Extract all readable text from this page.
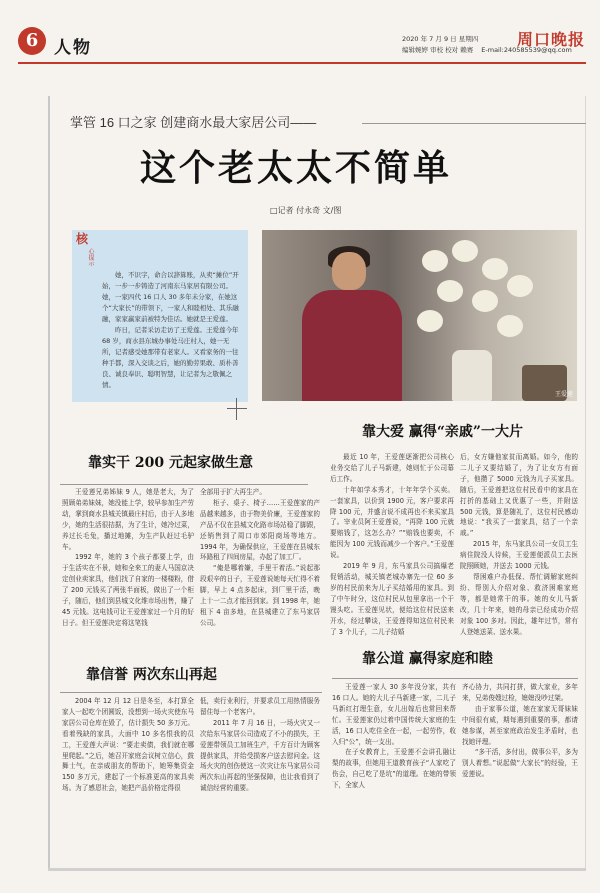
6 人物	2020 年 7 月 9 日 星期四
编辑婉婷 审校 校对 赖赛 E-mail:240585539@qq.com
周口晚报
掌管 16 口之家 创建商水最大家居公司——
这个老太太不简单
□记者 付永奇 文/图
核
心提示

她，不识字，命合以辞算账，从卖“摊位”开始，一步一步铸造了河南东马家居有限公司。她，一家四代 16 口人 30 多年未分家，在她这个“大家长”的带领下，一家人和睦相处、其乐融融，家家赢家前被特为佳话。她就是王爱莲。

昨日，记者采访走访了王爱莲。王爱莲今年 68 岁，商水县东城办事处马庄村人，她一无所，记者感受她那带有老家人。又看家务的一往种手都，深入交谈之后，她的勤劳果敢、质朴善良、诚良奉识、聪明智慧，让记者为之敬佩之情。

王爱莲
靠实干 200 元起家做生意

王爱莲兄弟姊妹 9 人，她是老大，为了照顾弟弟妹妹，她没能上学，较早参加生产劳动，掌到商水县城关镇最庄村后，由于人多地少，她的生活很拮据，为了生计，她冷过菜，养过长毛兔，播过地摊，为生产队赶过毛驴车。

1992 年，她的 3 个孩子都要上学，由于生活实在不景，她和全来工的妻人马国京决定创业卖家具，他们找了自家的一楼楼粉，借了 200 元钱买了两张半面板，做出了一个柜子，随后，他们到县城文化维市场出售，赚了 45 元钱。这电钱可让王爱莲家过一个月的好日子。但王爱莲决定将这笔钱

全部用于扩大再生产。

柜子、桌子、椅子……王爱莲家的产品越来越多，由于物美价廉，王爱莲家的产品不仅在县城文化路市场站稳了脚跟，还销售到了周口市郊阳商场等地方。1994 年，为确保供应，王爱莲在县城东环路租了四间房屋，办起了加工厂。

“俺是哪着嫌，手里干着活。”说起那段艰辛的日子，王爱莲说她每天忙得不着脚，早上 4 点多起床，到厂里干活，晚上十一二点才能回到家。到 1998 年，她租下 4 亩多地，在县城建立了东马家居公司。

靠大爱 赢得“亲戚”一大片

最近 10 年，王爱莲逐渐把公司核心业务交给了儿子马新建，她则忙于公司幕后工作。

十年如学本秀才，十年年学个买卖。一套家具，以价到 1900 元，客户要求再降 100 元，并盛言说不成再也不来买家具了。宰业员阿王爱莲说，“再降 100 元就要赔钱了，这怎么办？”“赔钱也要卖，不能因为 100 元钱而减少一个客户。”王爱莲说。

2019 年 9 月，东马家具公司搞爆老促销活动，城关镇老城办寨先一位 60 多岁的村民前来为儿子买结婚用的家具。到了中午时分，这位村民从包里拿出一个干馒头吃。王爱莲见状，便给这位村民送来开水，经过攀谈，王爱莲得知这位村民来了 3 个儿子，二儿子结婚

后，女方嫌他家贫而离婚。如今，他的二儿子又要结婚了，为了让女方有面子，他攒了 5000 元钱为儿子买家具。随后，王爱莲把这位村民看中的家具在打折的基础上又优惠了一些，并附送 500 元钱，算是随礼了，这位村民感动地说：“我买了一套家具，结了一个亲戚。”

2015 年，东马家具公司一女员工生病住院没人待候，王爱莲便派员工去医院照顾她，并送去 1000 元钱。

帮困难户办低保、帮忙调解家庭纠纷、帮别人介绍对象、救济困难家庭等，都是她常干的事。她的女儿马新改，几十年来，她的母亲已经成功介绍对象 100 多对。因此，雄年过节，常有人登她送菜、送水果。

靠信誉 两次东山再起

2004 年 12 月 12 日是冬至，本打算全家人一起吃个团圆饭，没想到一场火灾使东马家居公司仓库在毁了，估计损失 50 多万元。看着残缺的家具，大面中 10 多名恨我的员工，王爱莲大声说：“要走卖债，我们就在哪里爬起。”之后，她召开家庭会议树立信心，鼓舞士气，在亲威朋友的帮助下，她筹集资金 150 多万元，建起了一个标准更高的家具卖场。为了感恩社会，她把产品价格定得很

低，卖行业利行，并要求员工用热情服务留住每一个老客户。

2011 年 7 月 16 日，一场火灾又一次给东马家居公司造成了不小的损失，王爱莲带领员工加班生产，千方百计为顾客提供家具，并给受损客户送去慰问金。这场火灾的创伤使这一次灾让东马家居公司两次东山再起的坚强保障，也让我看到了诚信经营的重要。

靠公道 赢得家庭和睦

王爱莲一家人 30 多年没分家，共有 16 口人。她的大儿子马新建一家，二儿子马新红打理生意，女儿出嫁后也常回来帮忙。王爱莲家仍过着中国传统大家庭的生活，16 口人吃住全在一起，一起劳作，收入归“公”，统一支出。

在子女教育上，王爱莲不会讲孔融让梨的故事，但她用王道教育孩子“人家吃了伤会，自己吃了是坑”的道理。在她的带领下，全家人

齐心协力，共同打拼，做大家业，多年来，兄弟俊嫂过检，媳媳没吵过架。

由于家事公道，她在家家无哥妹妹中间很有威，期每遇到重要的事，都请她参谋，甚至家庭政治发生矛盾时，也找她评理。

“多干活，多付出，做事公平，多为别人着想。”说起做“大家长”的经验，王爱莲说。
